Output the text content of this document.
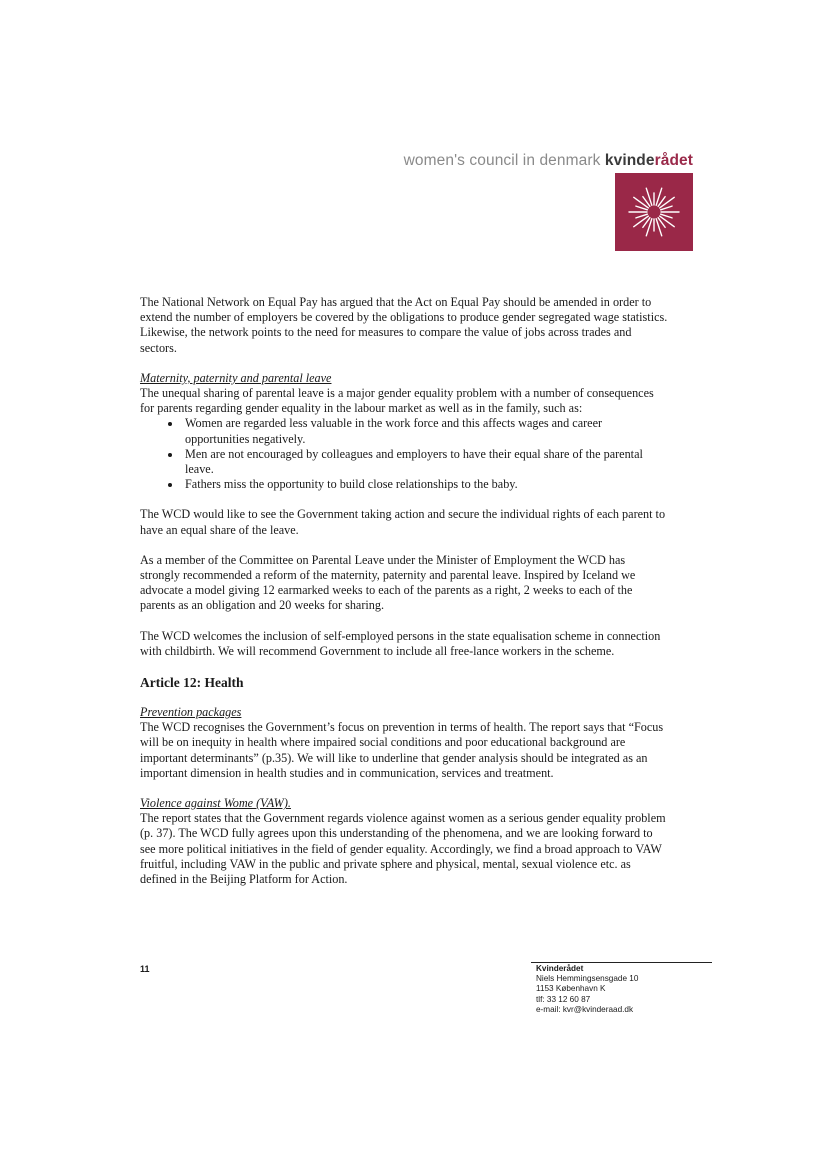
women's council in denmark kvinderådet

The National Network on Equal Pay has argued that the Act on Equal Pay should be amended in order to extend the number of employers be covered by the obligations to produce gender segregated wage statistics. Likewise, the network points to the need for measures to compare the value of jobs across trades and sectors.

Maternity, paternity and parental leave

The unequal sharing of parental leave is a major gender equality problem with a number of consequences for parents regarding gender equality in the labour market as well as in the family, such as:

• Women are regarded less valuable in the work force and this affects wages and career opportunities negatively.
• Men are not encouraged by colleagues and employers to have their equal share of the parental leave.
• Fathers miss the opportunity to build close relationships to the baby.

The WCD would like to see the Government taking action and secure the individual rights of each parent to have an equal share of the leave.

As a member of the Committee on Parental Leave under the Minister of Employment the WCD has strongly recommended a reform of the maternity, paternity and parental leave. Inspired by Iceland we advocate a model giving 12 earmarked weeks to each of the parents as a right, 2 weeks to each of the parents as an obligation and 20 weeks for sharing.

The WCD welcomes the inclusion of self-employed persons in the state equalisation scheme in connection with childbirth. We will recommend Government to include all free-lance workers in the scheme.

Article 12: Health

Prevention packages

The WCD recognises the Government’s focus on prevention in terms of health. The report says that “Focus will be on inequity in health where impaired social conditions and poor educational background are important determinants” (p.35). We will like to underline that gender analysis should be integrated as an important dimension in health studies and in communication, services and treatment.

Violence against Wome (VAW).

The report states that the Government regards violence against women as a serious gender equality problem (p. 37). The WCD fully agrees upon this understanding of the phenomena, and we are looking forward to see more political initiatives in the field of gender equality. Accordingly, we find a broad approach to VAW fruitful, including VAW in the public and private sphere and physical, mental, sexual violence etc. as defined in the Beijing Platform for Action.

11	Kvinderådet
Niels Hemmingsensgade 10
1153 København K
tlf: 33 12 60 87
e-mail: kvr@kvinderaad.dk
